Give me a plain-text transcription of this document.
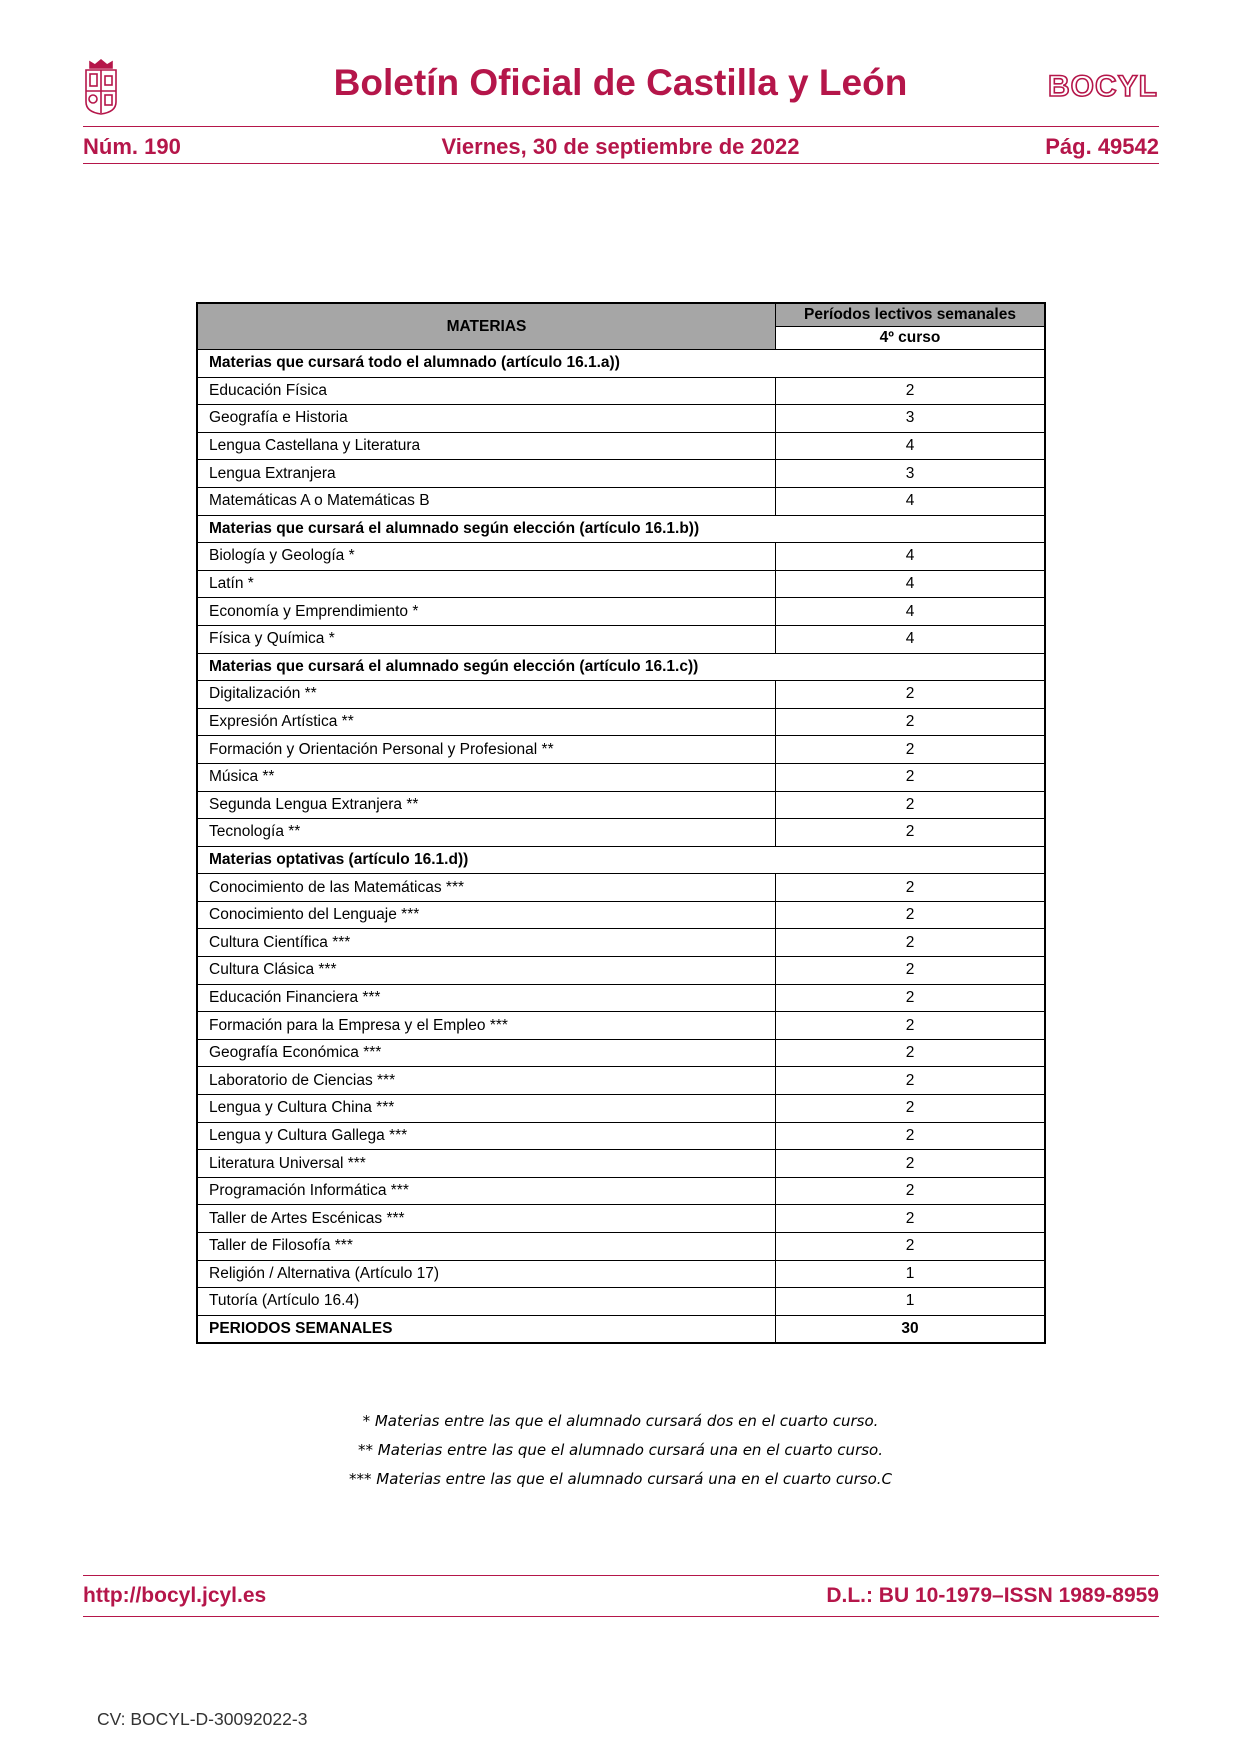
Boletín Oficial de Castilla y León	BOCYL
Núm. 190	Viernes, 30 de septiembre de 2022	Pág. 49542
MATERIAS	Períodos lectivos semanales
	4º curso
Materias que cursará todo el alumnado (artículo 16.1.a))	
Educación Física	2
Geografía e Historia	3
Lengua Castellana y Literatura	4
Lengua Extranjera	3
Matemáticas A o Matemáticas B	4
Materias que cursará el alumnado según elección (artículo 16.1.b))	
Biología y Geología *	4
Latín *	4
Economía y Emprendimiento *	4
Física y Química *	4
Materias que cursará el alumnado según elección (artículo 16.1.c))	
Digitalización **	2
Expresión Artística **	2
Formación y Orientación Personal y Profesional **	2
Música **	2
Segunda Lengua Extranjera **	2
Tecnología **	2
Materias optativas (artículo 16.1.d))	
Conocimiento de las Matemáticas ***	2
Conocimiento del Lenguaje ***	2
Cultura Científica ***	2
Cultura Clásica ***	2
Educación Financiera ***	2
Formación para la Empresa y el Empleo ***	2
Geografía Económica ***	2
Laboratorio de Ciencias ***	2
Lengua y Cultura China ***	2
Lengua y Cultura Gallega ***	2
Literatura Universal ***	2
Programación Informática ***	2
Taller de Artes Escénicas ***	2
Taller de Filosofía ***	2
Religión / Alternativa (Artículo 17)	1
Tutoría (Artículo 16.4)	1
PERIODOS SEMANALES	30
* Materias entre las que el alumnado cursará dos en el cuarto curso.
** Materias entre las que el alumnado cursará una en el cuarto curso.
*** Materias entre las que el alumnado cursará una en el cuarto curso.C
http://bocyl.jcyl.es	D.L.: BU 10-1979–ISSN 1989-8959
CV: BOCYL-D-30092022-3
